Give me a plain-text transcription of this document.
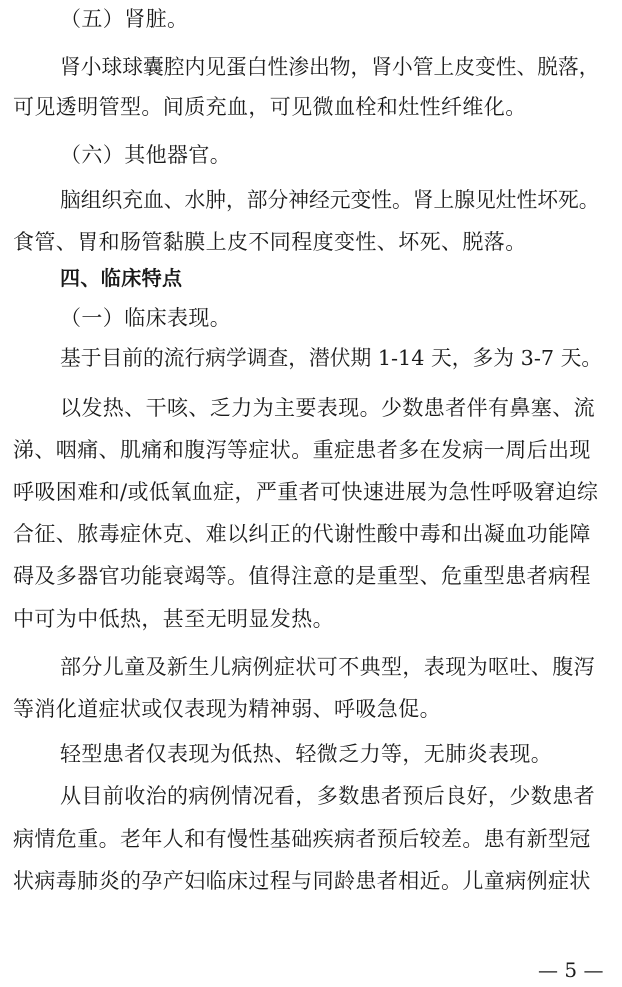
（五）肾脏。
肾小球球囊腔内见蛋白性渗出物，肾小管上皮变性、脱落，
可见透明管型。间质充血，可见微血栓和灶性纤维化。
（六）其他器官。
脑组织充血、水肿，部分神经元变性。肾上腺见灶性坏死。
食管、胃和肠管黏膜上皮不同程度变性、坏死、脱落。
四、临床特点
（一）临床表现。
基于目前的流行病学调查，潜伏期 1-14 天，多为 3-7 天。
以发热、干咳、乏力为主要表现。少数患者伴有鼻塞、流
涕、咽痛、肌痛和腹泻等症状。重症患者多在发病一周后出现
呼吸困难和/或低氧血症，严重者可快速进展为急性呼吸窘迫综
合征、脓毒症休克、难以纠正的代谢性酸中毒和出凝血功能障
碍及多器官功能衰竭等。值得注意的是重型、危重型患者病程
中可为中低热，甚至无明显发热。
部分儿童及新生儿病例症状可不典型，表现为呕吐、腹泻
等消化道症状或仅表现为精神弱、呼吸急促。
轻型患者仅表现为低热、轻微乏力等，无肺炎表现。
从目前收治的病例情况看，多数患者预后良好，少数患者
病情危重。老年人和有慢性基础疾病者预后较差。患有新型冠
状病毒肺炎的孕产妇临床过程与同龄患者相近。儿童病例症状
— 5 —
